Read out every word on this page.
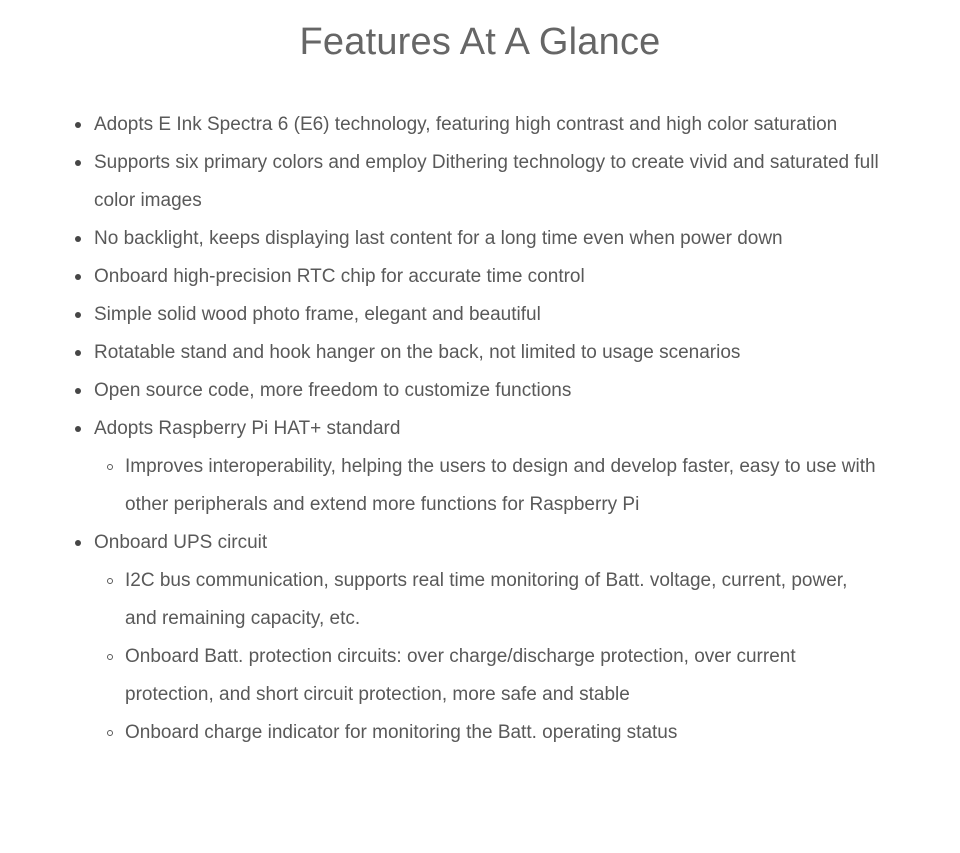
Features At A Glance
Adopts E Ink Spectra 6 (E6) technology, featuring high contrast and high color saturation
Supports six primary colors and employ Dithering technology to create vivid and saturated full color images
No backlight, keeps displaying last content for a long time even when power down
Onboard high-precision RTC chip for accurate time control
Simple solid wood photo frame, elegant and beautiful
Rotatable stand and hook hanger on the back, not limited to usage scenarios
Open source code, more freedom to customize functions
Adopts Raspberry Pi HAT+ standard
Improves interoperability, helping the users to design and develop faster, easy to use with other peripherals and extend more functions for Raspberry Pi
Onboard UPS circuit
I2C bus communication, supports real time monitoring of Batt. voltage, current, power, and remaining capacity, etc.
Onboard Batt. protection circuits: over charge/discharge protection, over current protection, and short circuit protection, more safe and stable
Onboard charge indicator for monitoring the Batt. operating status
